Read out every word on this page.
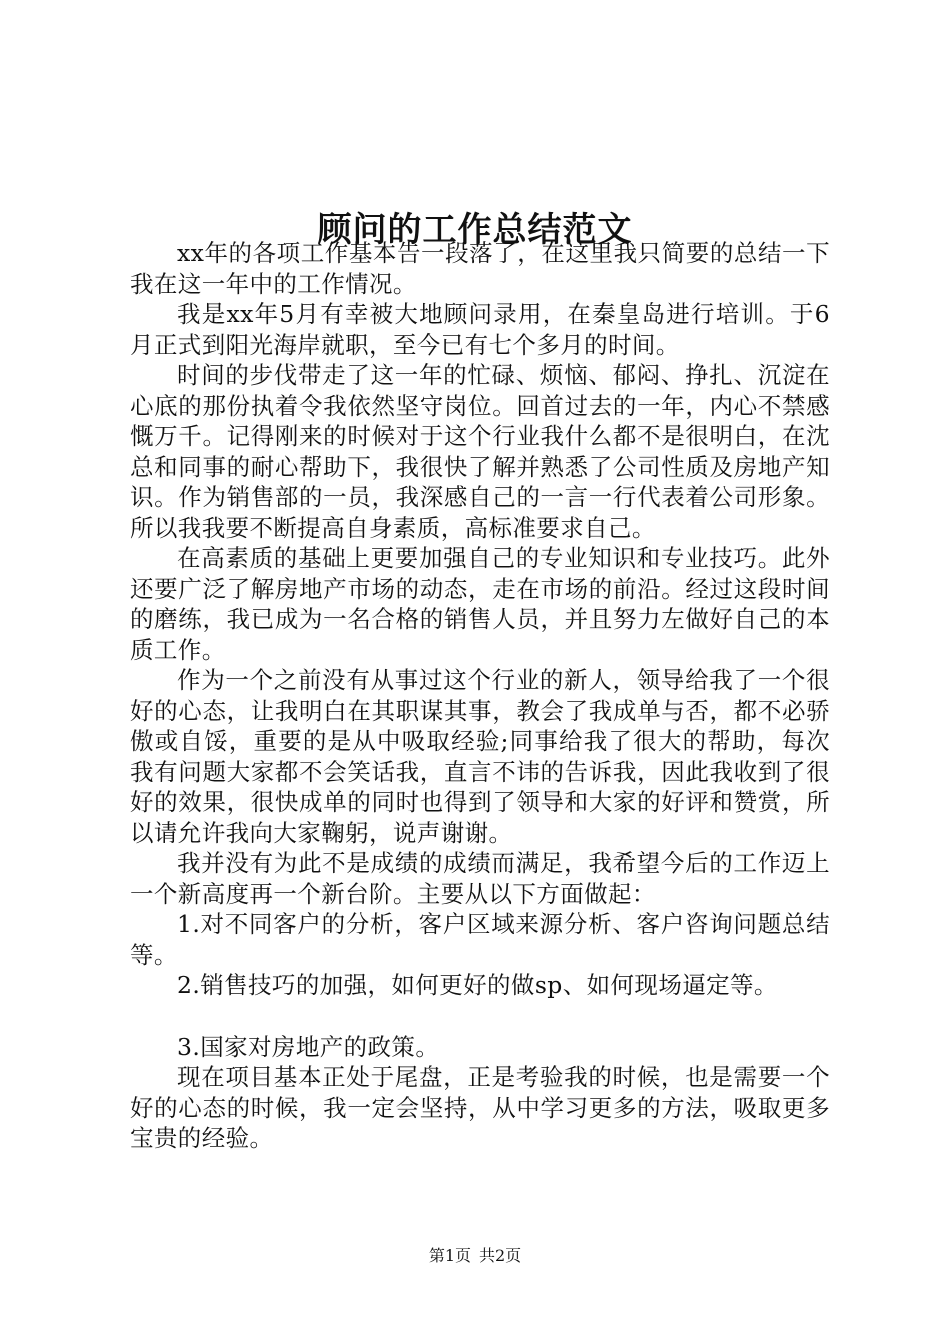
顾问的工作总结范文

xx年的各项工作基本告一段落了，在这里我只简要的总结一下我在这一年中的工作情况。

我是xx年5月有幸被大地顾问录用，在秦皇岛进行培训。于6月正式到阳光海岸就职，至今已有七个多月的时间。

时间的步伐带走了这一年的忙碌、烦恼、郁闷、挣扎、沉淀在心底的那份执着令我依然坚守岗位。回首过去的一年，内心不禁感慨万千。记得刚来的时候对于这个行业我什么都不是很明白，在沈总和同事的耐心帮助下，我很快了解并熟悉了公司性质及房地产知识。作为销售部的一员，我深感自己的一言一行代表着公司形象。所以我我要不断提高自身素质，高标准要求自己。

在高素质的基础上更要加强自己的专业知识和专业技巧。此外还要广泛了解房地产市场的动态，走在市场的前沿。经过这段时间的磨练，我已成为一名合格的销售人员，并且努力左做好自己的本质工作。

作为一个之前没有从事过这个行业的新人，领导给我了一个很好的心态，让我明白在其职谋其事，教会了我成单与否，都不必骄傲或自馁，重要的是从中吸取经验;同事给我了很大的帮助，每次我有问题大家都不会笑话我，直言不讳的告诉我，因此我收到了很好的效果，很快成单的同时也得到了领导和大家的好评和赞赏，所以请允许我向大家鞠躬，说声谢谢。

我并没有为此不是成绩的成绩而满足，我希望今后的工作迈上一个新高度再一个新台阶。主要从以下方面做起：

1.对不同客户的分析，客户区域来源分析、客户咨询问题总结等。

2.销售技巧的加强，如何更好的做sp、如何现场逼定等。

3.国家对房地产的政策。

现在项目基本正处于尾盘，正是考验我的时候，也是需要一个好的心态的时候，我一定会坚持，从中学习更多的方法，吸取更多宝贵的经验。

第1页 共2页
